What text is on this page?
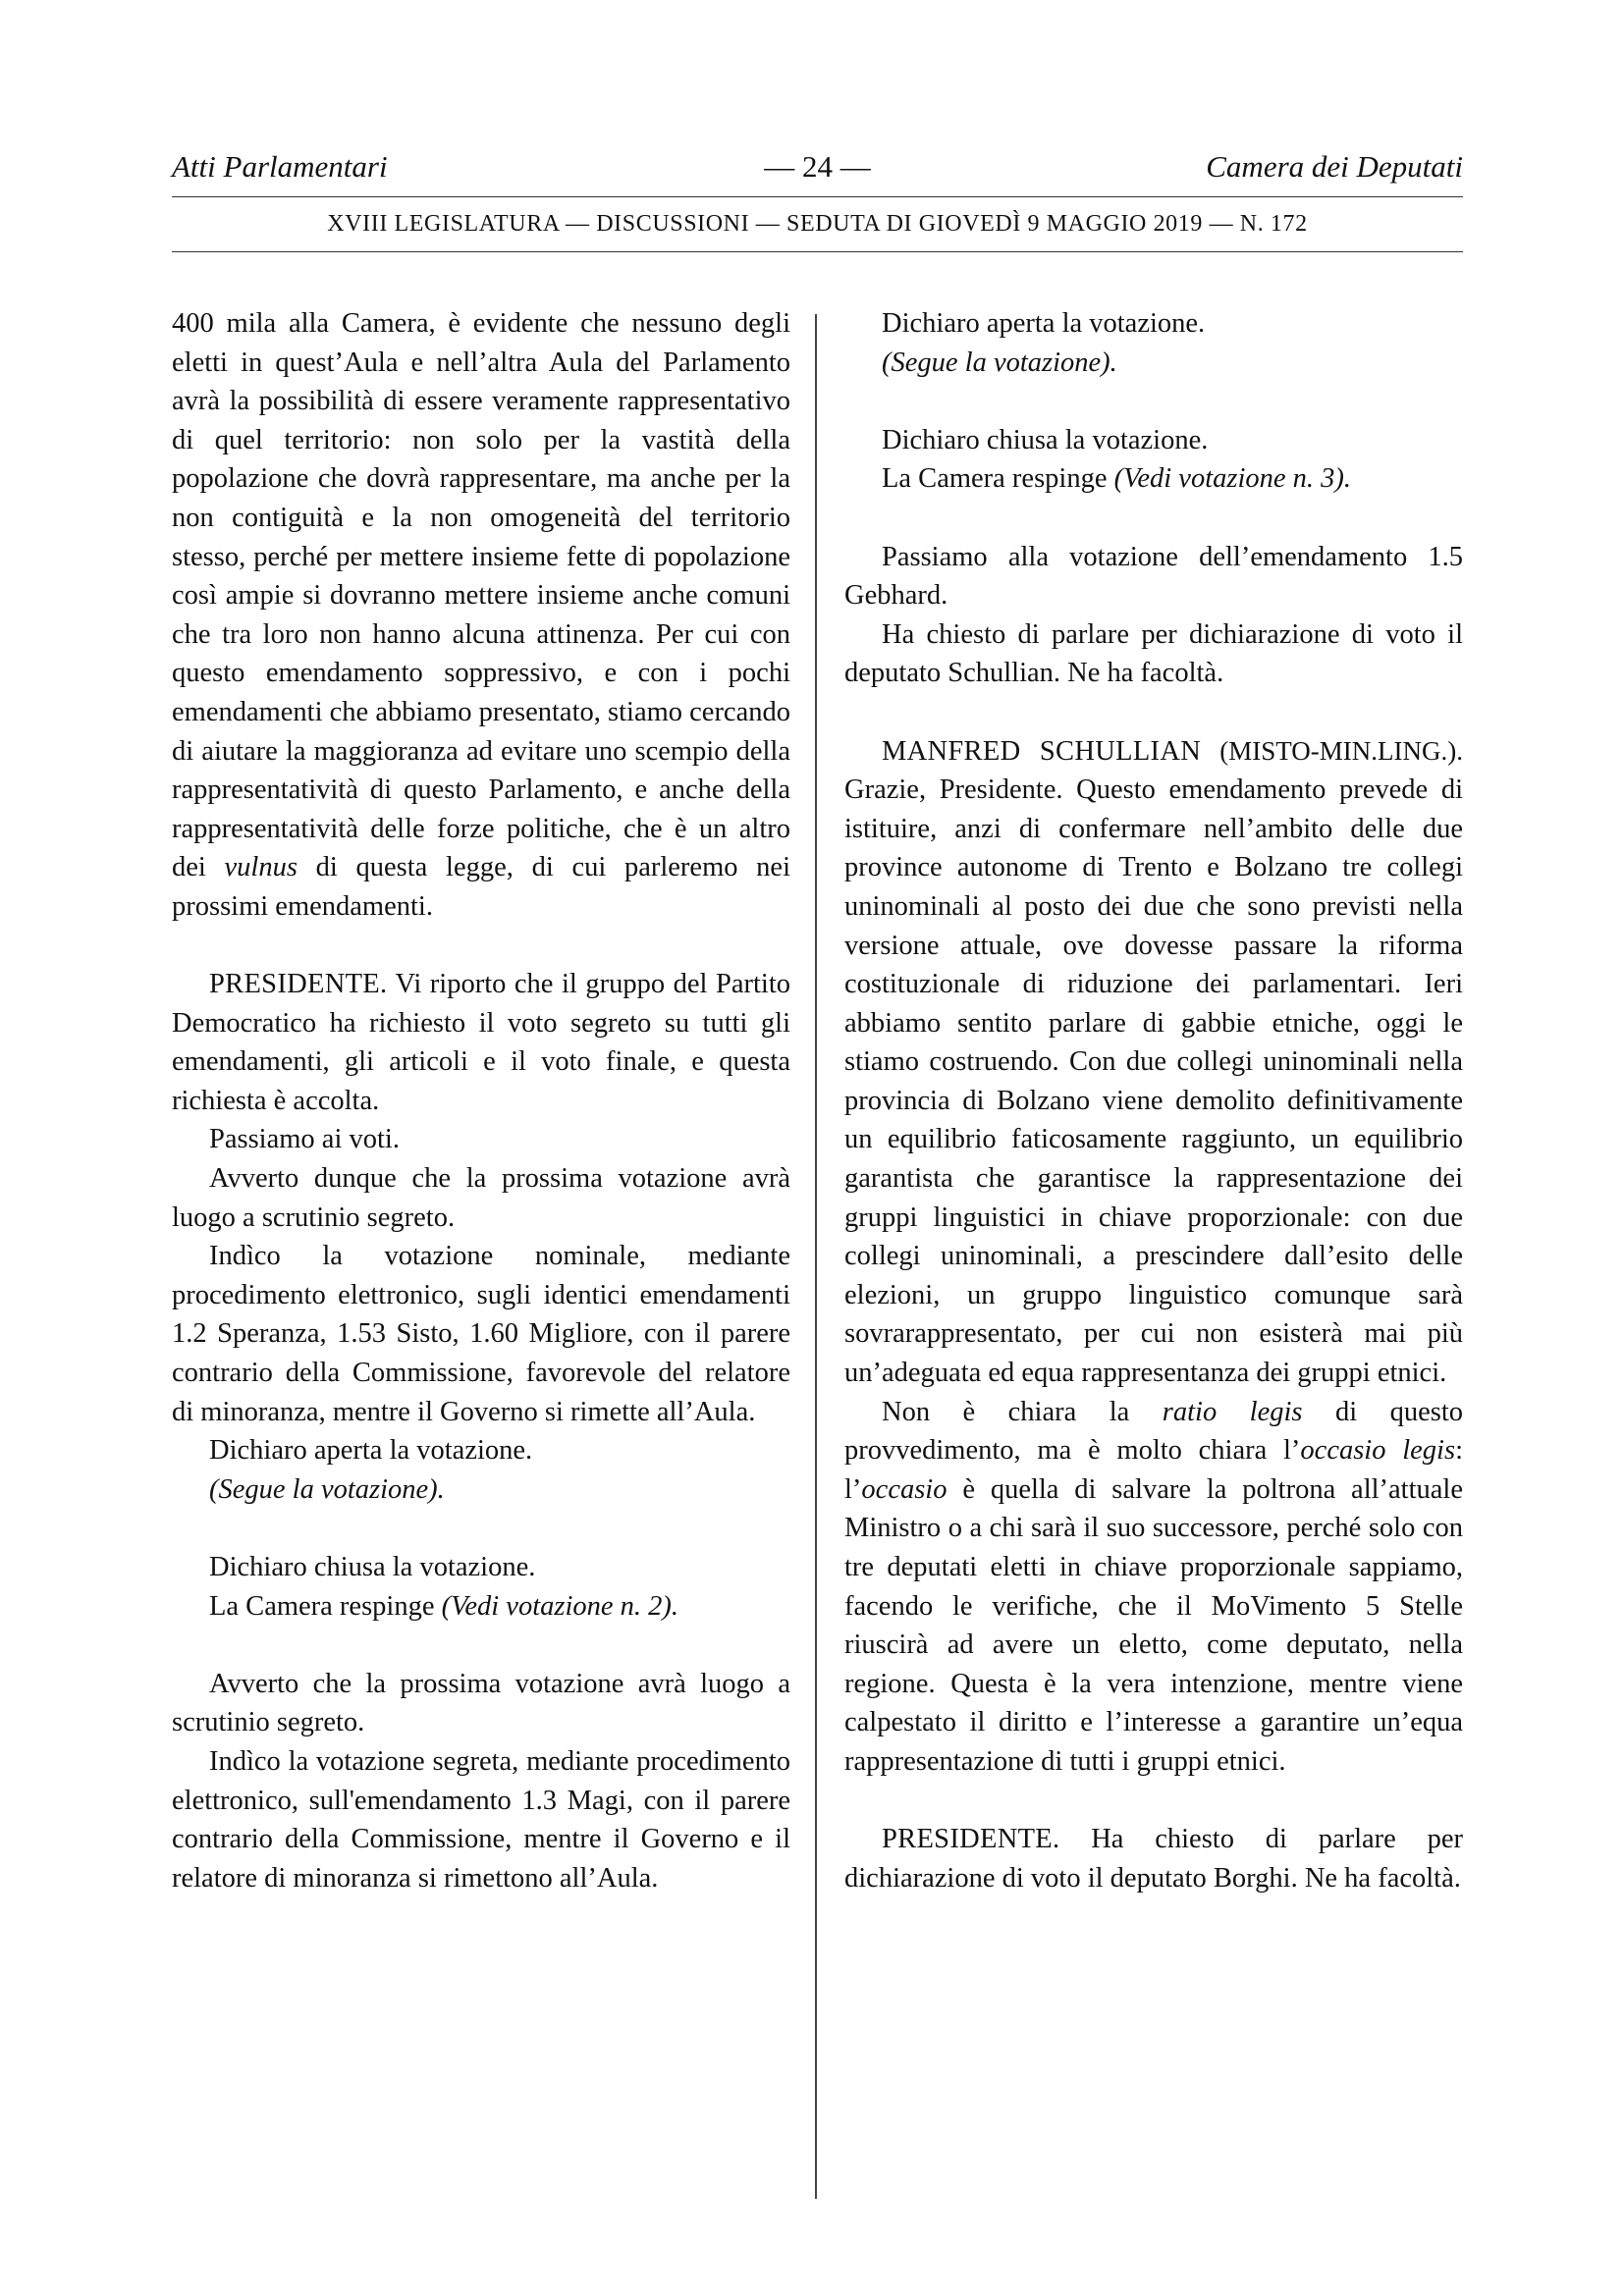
Atti Parlamentari	— 24 —	Camera dei Deputati
XVIII LEGISLATURA — DISCUSSIONI — SEDUTA DI GIOVEDÌ 9 MAGGIO 2019 — N. 172

400 mila alla Camera, è evidente che nessuno degli eletti in quest’Aula e nell’altra Aula del Parlamento avrà la possibilità di essere veramente rappresentativo di quel territorio: non solo per la vastità della popolazione che dovrà rappresentare, ma anche per la non contiguità e la non omogeneità del territorio stesso, perché per mettere insieme fette di popolazione così ampie si dovranno mettere insieme anche comuni che tra loro non hanno alcuna attinenza. Per cui con questo emendamento soppressivo, e con i pochi emendamenti che abbiamo presentato, stiamo cercando di aiutare la maggioranza ad evitare uno scempio della rappresentatività di questo Parlamento, e anche della rappresentatività delle forze politiche, che è un altro dei vulnus di questa legge, di cui parleremo nei prossimi emendamenti.

PRESIDENTE. Vi riporto che il gruppo del Partito Democratico ha richiesto il voto segreto su tutti gli emendamenti, gli articoli e il voto finale, e questa richiesta è accolta.

Passiamo ai voti.

Avverto dunque che la prossima votazione avrà luogo a scrutinio segreto.

Indìco la votazione nominale, mediante procedimento elettronico, sugli identici emendamenti 1.2 Speranza, 1.53 Sisto, 1.60 Migliore, con il parere contrario della Commissione, favorevole del relatore di minoranza, mentre il Governo si rimette all’Aula.

Dichiaro aperta la votazione.

(Segue la votazione).

Dichiaro chiusa la votazione.

La Camera respinge (Vedi votazione n. 2).

Avverto che la prossima votazione avrà luogo a scrutinio segreto.

Indìco la votazione segreta, mediante procedimento elettronico, sull'emendamento 1.3 Magi, con il parere contrario della Commissione, mentre il Governo e il relatore di minoranza si rimettono all’Aula.

Dichiaro aperta la votazione.

(Segue la votazione).

Dichiaro chiusa la votazione.

La Camera respinge (Vedi votazione n. 3).

Passiamo alla votazione dell’emendamento 1.5 Gebhard.

Ha chiesto di parlare per dichiarazione di voto il deputato Schullian. Ne ha facoltà.

MANFRED SCHULLIAN (MISTO-MIN.LING.). Grazie, Presidente. Questo emendamento prevede di istituire, anzi di confermare nell’ambito delle due province autonome di Trento e Bolzano tre collegi uninominali al posto dei due che sono previsti nella versione attuale, ove dovesse passare la riforma costituzionale di riduzione dei parlamentari. Ieri abbiamo sentito parlare di gabbie etniche, oggi le stiamo costruendo. Con due collegi uninominali nella provincia di Bolzano viene demolito definitivamente un equilibrio faticosamente raggiunto, un equilibrio garantista che garantisce la rappresentazione dei gruppi linguistici in chiave proporzionale: con due collegi uninominali, a prescindere dall’esito delle elezioni, un gruppo linguistico comunque sarà sovrarappresentato, per cui non esisterà mai più un’adeguata ed equa rappresentanza dei gruppi etnici.

Non è chiara la ratio legis di questo provvedimento, ma è molto chiara l’occasio legis: l’occasio è quella di salvare la poltrona all’attuale Ministro o a chi sarà il suo successore, perché solo con tre deputati eletti in chiave proporzionale sappiamo, facendo le verifiche, che il MoVimento 5 Stelle riuscirà ad avere un eletto, come deputato, nella regione. Questa è la vera intenzione, mentre viene calpestato il diritto e l’interesse a garantire un’equa rappresentazione di tutti i gruppi etnici.

PRESIDENTE. Ha chiesto di parlare per dichiarazione di voto il deputato Borghi. Ne ha facoltà.
